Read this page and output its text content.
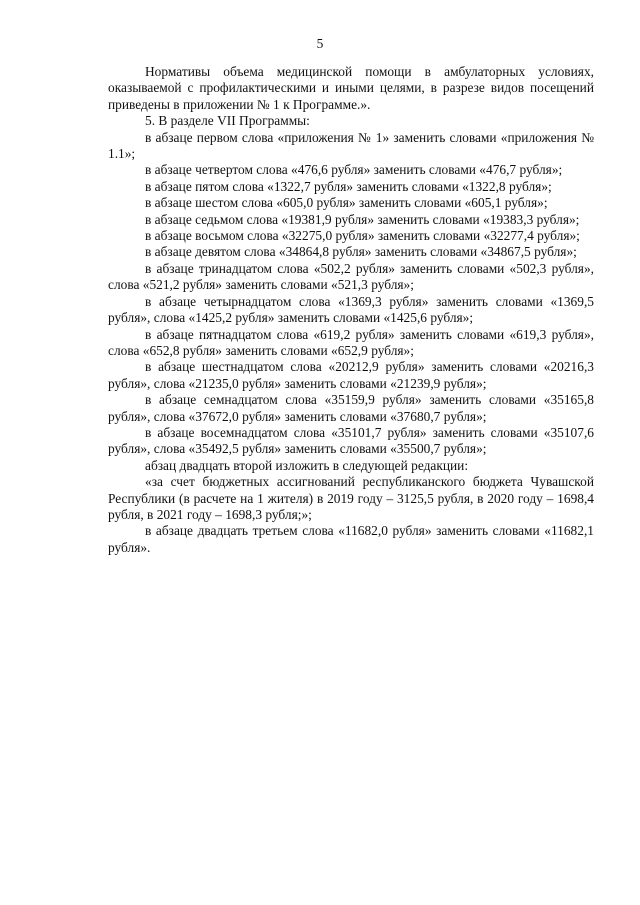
5

Нормативы объема медицинской помощи в амбулаторных условиях, оказываемой с профилактическими и иными целями, в разрезе видов посещений приведены в приложении № 1 к Программе.».

5. В разделе VII Программы:

в абзаце первом слова «приложения № 1» заменить словами «приложения № 1.1»;

в абзаце четвертом слова «476,6 рубля» заменить словами «476,7 рубля»;

в абзаце пятом слова «1322,7 рубля» заменить словами «1322,8 рубля»;

в абзаце шестом слова «605,0 рубля» заменить словами «605,1 рубля»;

в абзаце седьмом слова «19381,9 рубля» заменить словами «19383,3 рубля»;

в абзаце восьмом слова «32275,0 рубля» заменить словами «32277,4 рубля»;

в абзаце девятом слова «34864,8 рубля» заменить словами «34867,5 рубля»;

в абзаце тринадцатом слова «502,2 рубля» заменить словами «502,3 рубля», слова «521,2 рубля» заменить словами «521,3 рубля»;

в абзаце четырнадцатом слова «1369,3 рубля» заменить словами «1369,5 рубля», слова «1425,2 рубля» заменить словами «1425,6 рубля»;

в абзаце пятнадцатом слова «619,2 рубля» заменить словами «619,3 рубля», слова «652,8 рубля» заменить словами «652,9 рубля»;

в абзаце шестнадцатом слова «20212,9 рубля» заменить словами «20216,3 рубля», слова «21235,0 рубля» заменить словами «21239,9 рубля»;

в абзаце семнадцатом слова «35159,9 рубля» заменить словами «35165,8 рубля», слова «37672,0 рубля» заменить словами «37680,7 рубля»;

в абзаце восемнадцатом слова «35101,7 рубля» заменить словами «35107,6 рубля», слова «35492,5 рубля» заменить словами «35500,7 рубля»;

абзац двадцать второй изложить в следующей редакции:

«за счет бюджетных ассигнований республиканского бюджета Чувашской Республики (в расчете на 1 жителя) в 2019 году – 3125,5 рубля, в 2020 году – 1698,4 рубля, в 2021 году – 1698,3 рубля;»;

в абзаце двадцать третьем слова «11682,0 рубля» заменить словами «11682,1 рубля».
